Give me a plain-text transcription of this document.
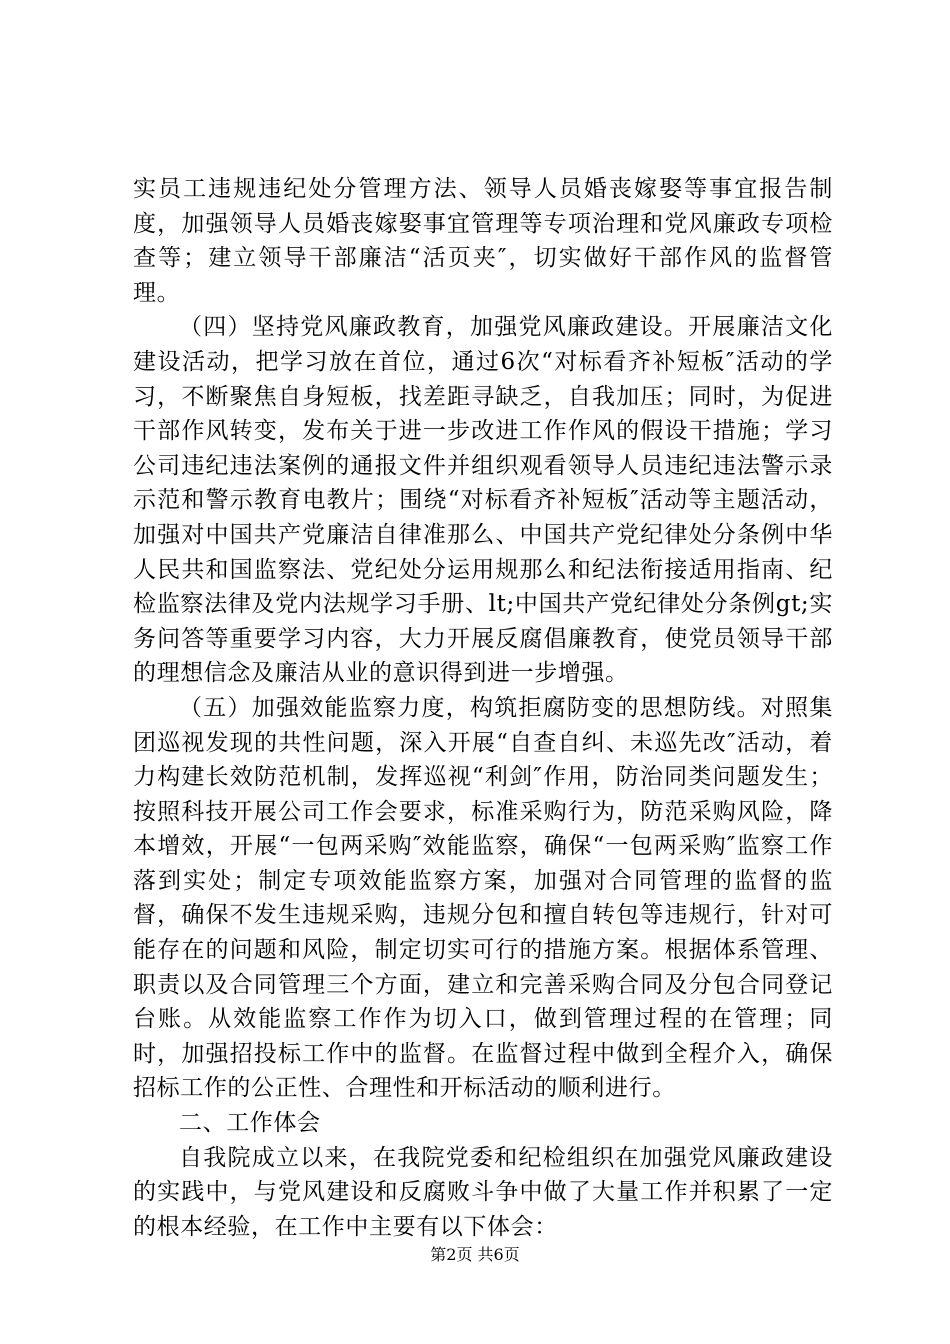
实员工违规违纪处分管理方法、领导人员婚丧嫁娶等事宜报告制度，加强领导人员婚丧嫁娶事宜管理等专项治理和党风廉政专项检查等；建立领导干部廉洁“活页夹″，切实做好干部作风的监督管理。

（四）坚持党风廉政教育，加强党风廉政建设。开展廉洁文化建设活动，把学习放在首位，通过6次“对标看齐补短板″活动的学习，不断聚焦自身短板，找差距寻缺乏，自我加压；同时，为促进干部作风转变，发布关于进一步改进工作作风的假设干措施；学习公司违纪违法案例的通报文件并组织观看领导人员违纪违法警示录示范和警示教育电教片；围绕“对标看齐补短板″活动等主题活动，加强对中国共产党廉洁自律准那么、中国共产党纪律处分条例中华人民共和国监察法、党纪处分运用规那么和纪法衔接适用指南、纪检监察法律及党内法规学习手册、lt;中国共产党纪律处分条例gt;实务问答等重要学习内容，大力开展反腐倡廉教育，使党员领导干部的理想信念及廉洁从业的意识得到进一步增强。

（五）加强效能监察力度，构筑拒腐防变的思想防线。对照集团巡视发现的共性问题，深入开展“自查自纠、未巡先改″活动，着力构建长效防范机制，发挥巡视“利剑″作用，防治同类问题发生；按照科技开展公司工作会要求，标准采购行为，防范采购风险，降本增效，开展“一包两采购″效能监察，确保“一包两采购″监察工作落到实处；制定专项效能监察方案，加强对合同管理的监督的监督，确保不发生违规采购，违规分包和擅自转包等违规行，针对可能存在的问题和风险，制定切实可行的措施方案。根据体系管理、职责以及合同管理三个方面，建立和完善采购合同及分包合同登记台账。从效能监察工作作为切入口，做到管理过程的在管理；同时，加强招投标工作中的监督。在监督过程中做到全程介入，确保招标工作的公正性、合理性和开标活动的顺利进行。

二、工作体会

自我院成立以来，在我院党委和纪检组织在加强党风廉政建设的实践中，与党风建设和反腐败斗争中做了大量工作并积累了一定的根本经验，在工作中主要有以下体会：

第2页 共6页
